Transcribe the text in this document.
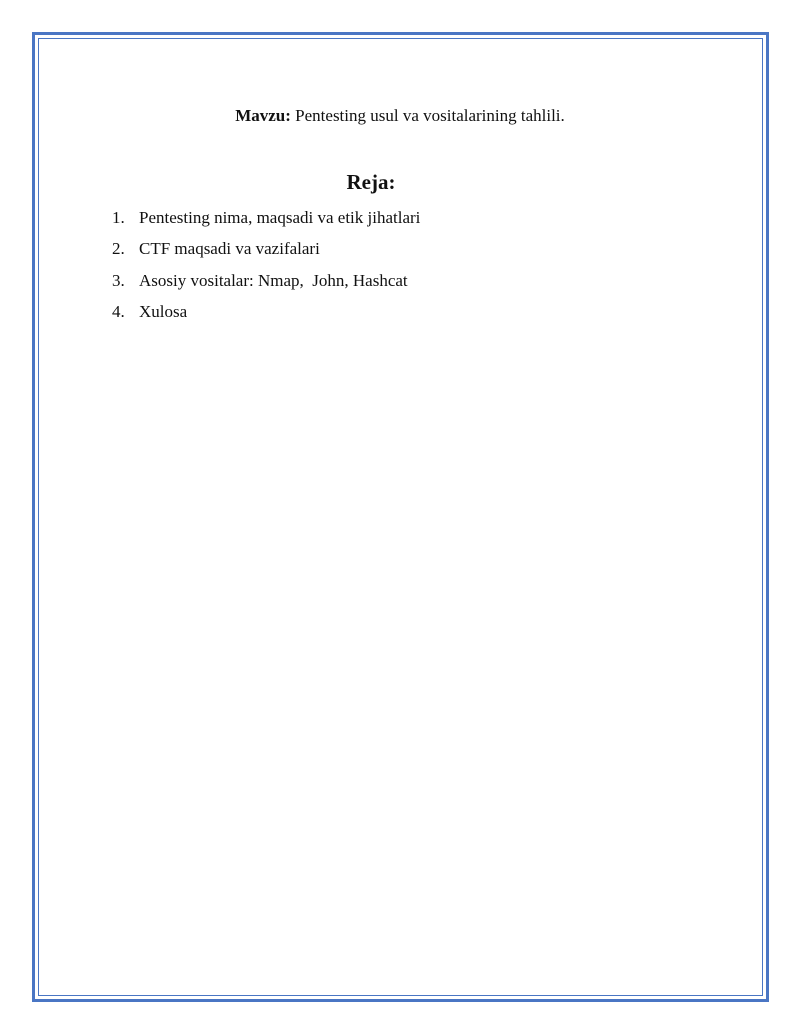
Mavzu: Pentesting usul va vositalarining tahlili.
Reja:
1. Pentesting nima, maqsadi va etik jihatlari
2. CTF maqsadi va vazifalari
3. Asosiy vositalar: Nmap,  John, Hashcat
4. Xulosa
